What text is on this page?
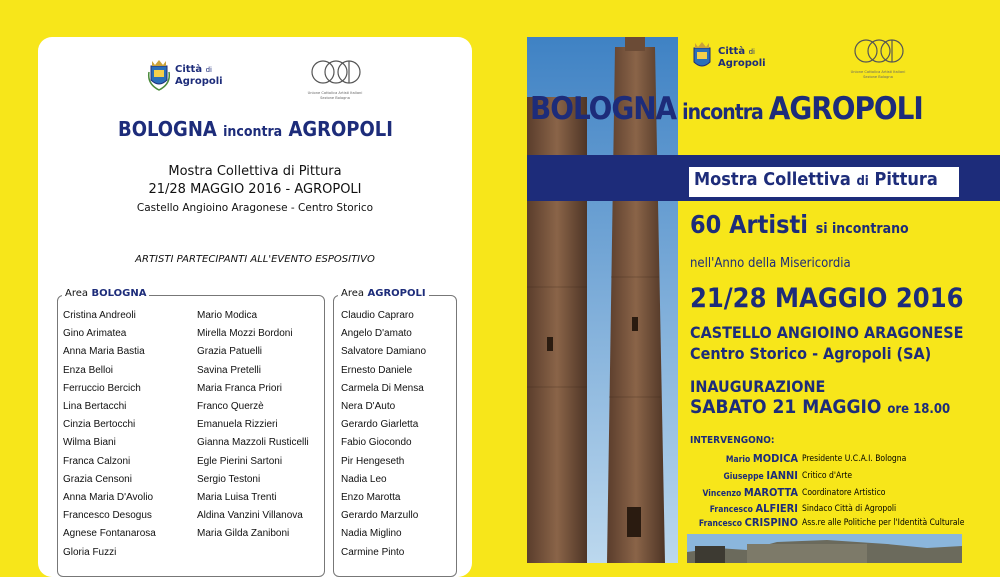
Città di
Agropoli
Unione Cattolica Artisti Italiani
Sezione Bologna
BOLOGNA incontra AGROPOLI
Mostra Collettiva di Pittura
21/28 MAGGIO 2016 - AGROPOLI
Castello Angioino Aragonese - Centro Storico
ARTISTI PARTECIPANTI ALL'EVENTO ESPOSITIVO
Area BOLOGNA	Area AGROPOLI
Cristina Andreoli
Gino Arimatea
Anna Maria Bastia
Enza Belloi
Ferruccio Bercich
Lina Bertacchi
Cinzia Bertocchi
Wilma Biani
Franca Calzoni
Grazia Censoni
Anna Maria D'Avolio
Francesco Desogus
Agnese Fontanarosa
Gloria Fuzzi
Mario Modica
Mirella Mozzi Bordoni
Grazia Patuelli
Savina Pretelli
Maria Franca Priori
Franco Querzè
Emanuela Rizzieri
Gianna Mazzoli Rusticelli
Egle Pierini Sartoni
Sergio Testoni
Maria Luisa Trenti
Aldina Vanzini Villanova
Maria Gilda Zaniboni
Claudio Capraro
Angelo D'amato
Salvatore Damiano
Ernesto Daniele
Carmela Di Mensa
Nera D'Auto
Gerardo Giarletta
Fabio Giocondo
Pir Hengeseth
Nadia Leo
Enzo Marotta
Gerardo Marzullo
Nadia Miglino
Carmine Pinto
Città di
Agropoli
Unione Cattolica Artisti Italiani
Sezione Bologna
BOLOGNA incontra AGROPOLI
Mostra Collettiva di Pittura
60 Artisti si incontrano
nell'Anno della Misericordia
21/28 MAGGIO 2016
CASTELLO ANGIOINO ARAGONESE
Centro Storico - Agropoli (SA)
INAUGURAZIONE
SABATO 21 MAGGIO ore 18.00
INTERVENGONO:
Mario MODICA Presidente U.C.A.I. Bologna
Giuseppe IANNI Critico d'Arte
Vincenzo MAROTTA Coordinatore Artistico
Francesco ALFIERI Sindaco Città di Agropoli
Francesco CRISPINO Ass.re alle Politiche per l'Identità Culturale
